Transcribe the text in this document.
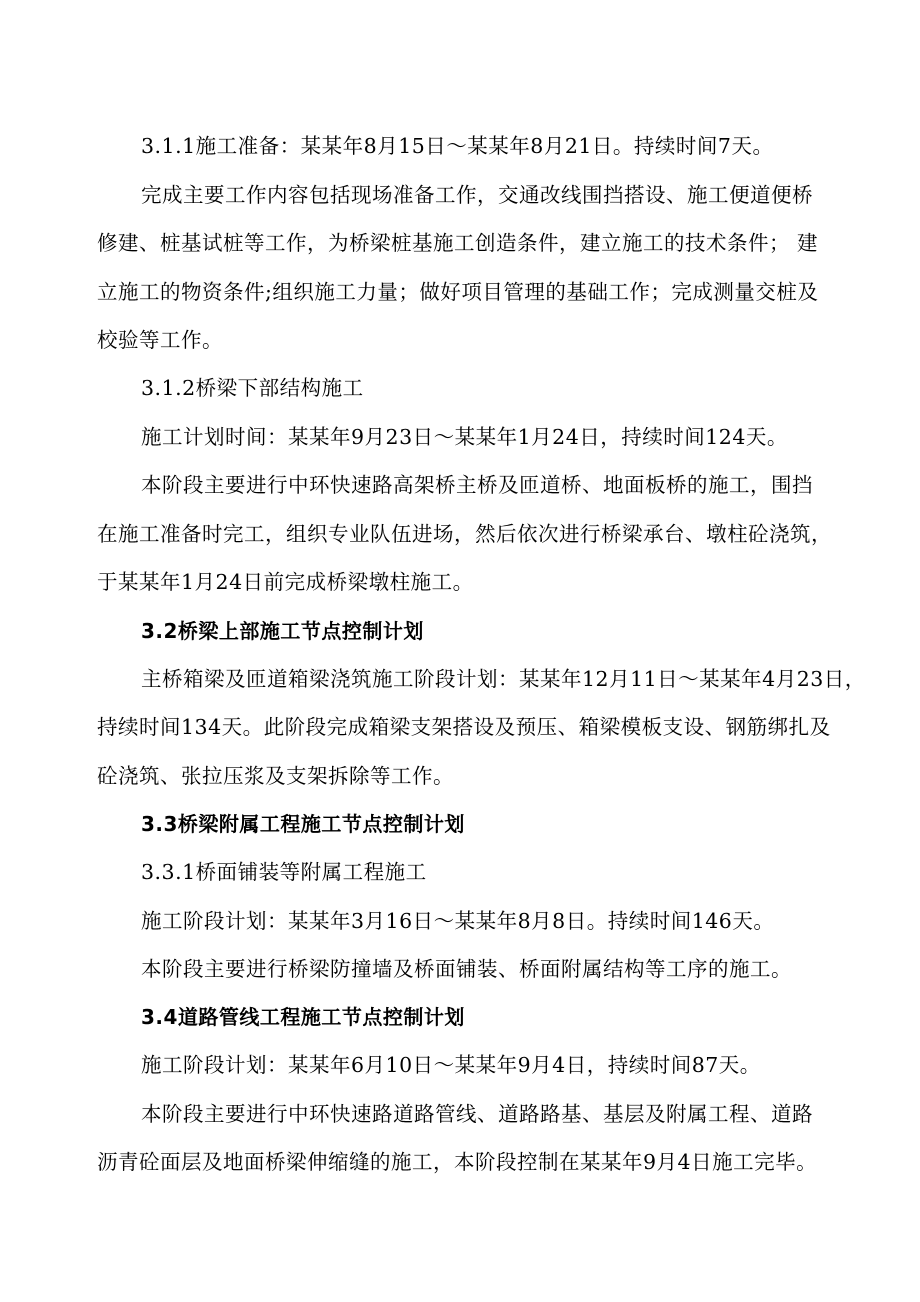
3.1.1施工准备：某某年8月15日～某某年8月21日。持续时间7天。
完成主要工作内容包括现场准备工作，交通改线围挡搭设、施工便道便桥
修建、桩基试桩等工作，为桥梁桩基施工创造条件，建立施工的技术条件； 建
立施工的物资条件;组织施工力量；做好项目管理的基础工作；完成测量交桩及
校验等工作。
3.1.2桥梁下部结构施工
施工计划时间：某某年9月23日～某某年1月24日，持续时间124天。
本阶段主要进行中环快速路高架桥主桥及匝道桥、地面板桥的施工，围挡
在施工准备时完工，组织专业队伍进场，然后依次进行桥梁承台、墩柱砼浇筑，
于某某年1月24日前完成桥梁墩柱施工。
3.2桥梁上部施工节点控制计划
主桥箱梁及匝道箱梁浇筑施工阶段计划：某某年12月11日～某某年4月23日，
持续时间134天。此阶段完成箱梁支架搭设及预压、箱梁模板支设、钢筋绑扎及
砼浇筑、张拉压浆及支架拆除等工作。
3.3桥梁附属工程施工节点控制计划
3.3.1桥面铺装等附属工程施工
施工阶段计划：某某年3月16日～某某年8月8日。持续时间146天。
本阶段主要进行桥梁防撞墙及桥面铺装、桥面附属结构等工序的施工。
3.4道路管线工程施工节点控制计划
施工阶段计划：某某年6月10日～某某年9月4日，持续时间87天。
本阶段主要进行中环快速路道路管线、道路路基、基层及附属工程、道路
沥青砼面层及地面桥梁伸缩缝的施工，本阶段控制在某某年9月4日施工完毕。
